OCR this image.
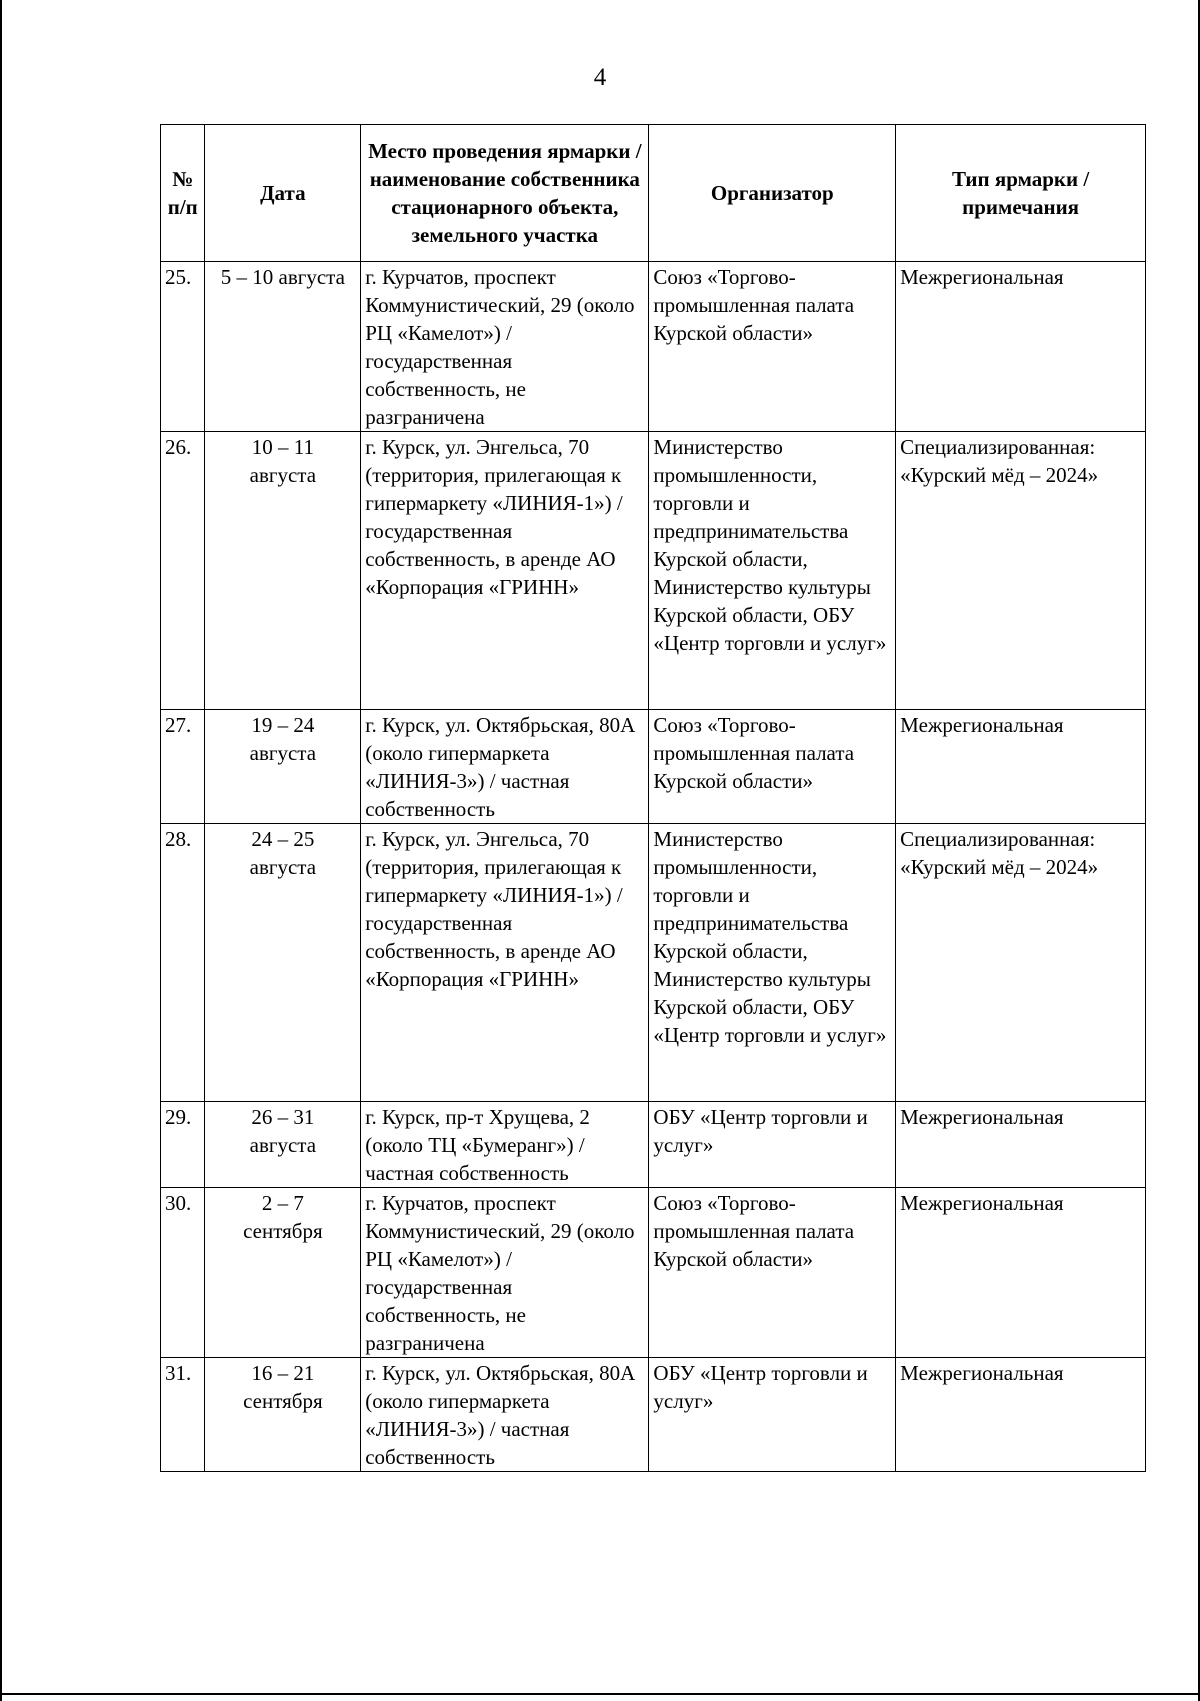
4
№ п/п	Дата	Место проведения ярмарки / наименование собственника стационарного объекта, земельного участка	Организатор	Тип ярмарки / примечания
25.	5 – 10 августа	г. Курчатов, проспект Коммунистический, 29 (около РЦ «Камелот») / государственная собственность, не разграничена	Союз «Торгово-промышленная палата Курской области»	Межрегиональная
26.	10 – 11 августа	г. Курск, ул. Энгельса, 70 (территория, прилегающая к гипермаркету «ЛИНИЯ-1») / государственная собственность, в аренде АО «Корпорация «ГРИНН»	Министерство промышленности, торговли и предпринимательства Курской области, Министерство культуры Курской области, ОБУ «Центр торговли и услуг»	Специализированная: «Курский мёд – 2024»
27.	19 – 24 августа	г. Курск, ул. Октябрьская, 80А (около гипермаркета «ЛИНИЯ-3») / частная собственность	Союз «Торгово-промышленная палата Курской области»	Межрегиональная
28.	24 – 25 августа	г. Курск, ул. Энгельса, 70 (территория, прилегающая к гипермаркету «ЛИНИЯ-1») / государственная собственность, в аренде АО «Корпорация «ГРИНН»	Министерство промышленности, торговли и предпринимательства Курской области, Министерство культуры Курской области, ОБУ «Центр торговли и услуг»	Специализированная: «Курский мёд – 2024»
29.	26 – 31 августа	г. Курск, пр-т Хрущева, 2 (около ТЦ «Бумеранг») / частная собственность	ОБУ «Центр торговли и услуг»	Межрегиональная
30.	2 – 7 сентября	г. Курчатов, проспект Коммунистический, 29 (около РЦ «Камелот») / государственная собственность, не разграничена	Союз «Торгово-промышленная палата Курской области»	Межрегиональная
31.	16 – 21 сентября	г. Курск, ул. Октябрьская, 80А (около гипермаркета «ЛИНИЯ-3») / частная собственность	ОБУ «Центр торговли и услуг»	Межрегиональная
